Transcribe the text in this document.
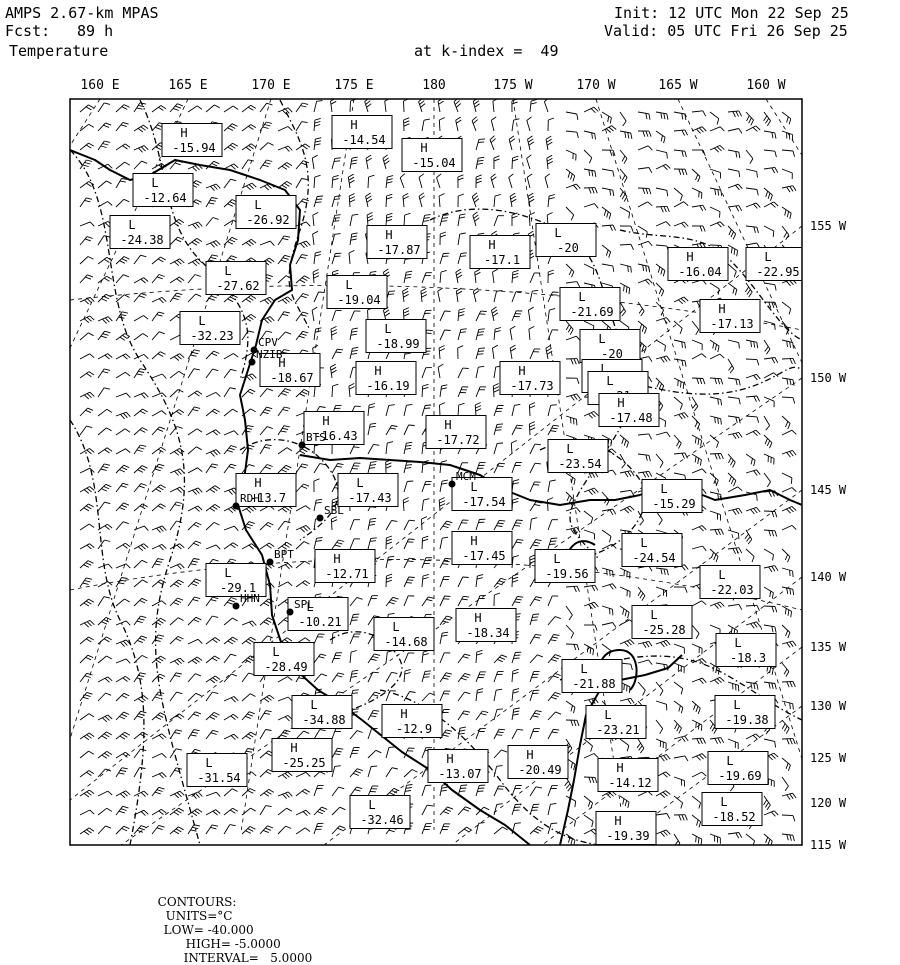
AMPS 2.67-km MPAS
Fcst: 89 h
Temperature
Init: 12 UTC Mon 22 Sep 25
Valid: 05 UTC Fri 26 Sep 25
at k-index =  49
160 E	165 E	170 E	175 E	180	175 W	170 W	165 W	160 W
155 W
150 W
145 W
140 W
135 W
130 W
125 W
120 W
115 W
H
-15.94
H
-14.54
H
-15.04
L
-12.64	L
-26.92
L
-24.38	H
-17.87	H
-17.1
L
-20
H
-16.04
L
-22.95
L
-27.62	L
-19.04	L
-21.69	H
-17.13
L
-32.23	L
-18.99	L
-20
H
-18.67	H
-16.19
H
-17.73
L
L
H
-16.43
H
-17.72
H
-17.48
L
-23.54
H
-13.7
L
-17.43
L
-17.54
L
-15.29
H
-17.45	L
-19.56
L
-24.54
H
-12.71
L
-29.1
L
-22.03
L
-10.21	H
-18.34
L
-25.28
L
-14.68
L
-28.49
L
-18.3
L
-21.88
L
-34.88	H
-12.9
L
-23.21
L
-19.38
H
-25.25
L
-31.54
H
-13.07
H
-20.49	H
-14.12
L
-19.69
L
-32.46
L
-18.52
H
-19.39
CPV
NZIB
BTS
MCM
RDH
SPL
BPT
HHN
SBL

CONTOURS:
UNITS=°C
LOW= -40.000
HIGH= -5.0000
INTERVAL=   5.0000
